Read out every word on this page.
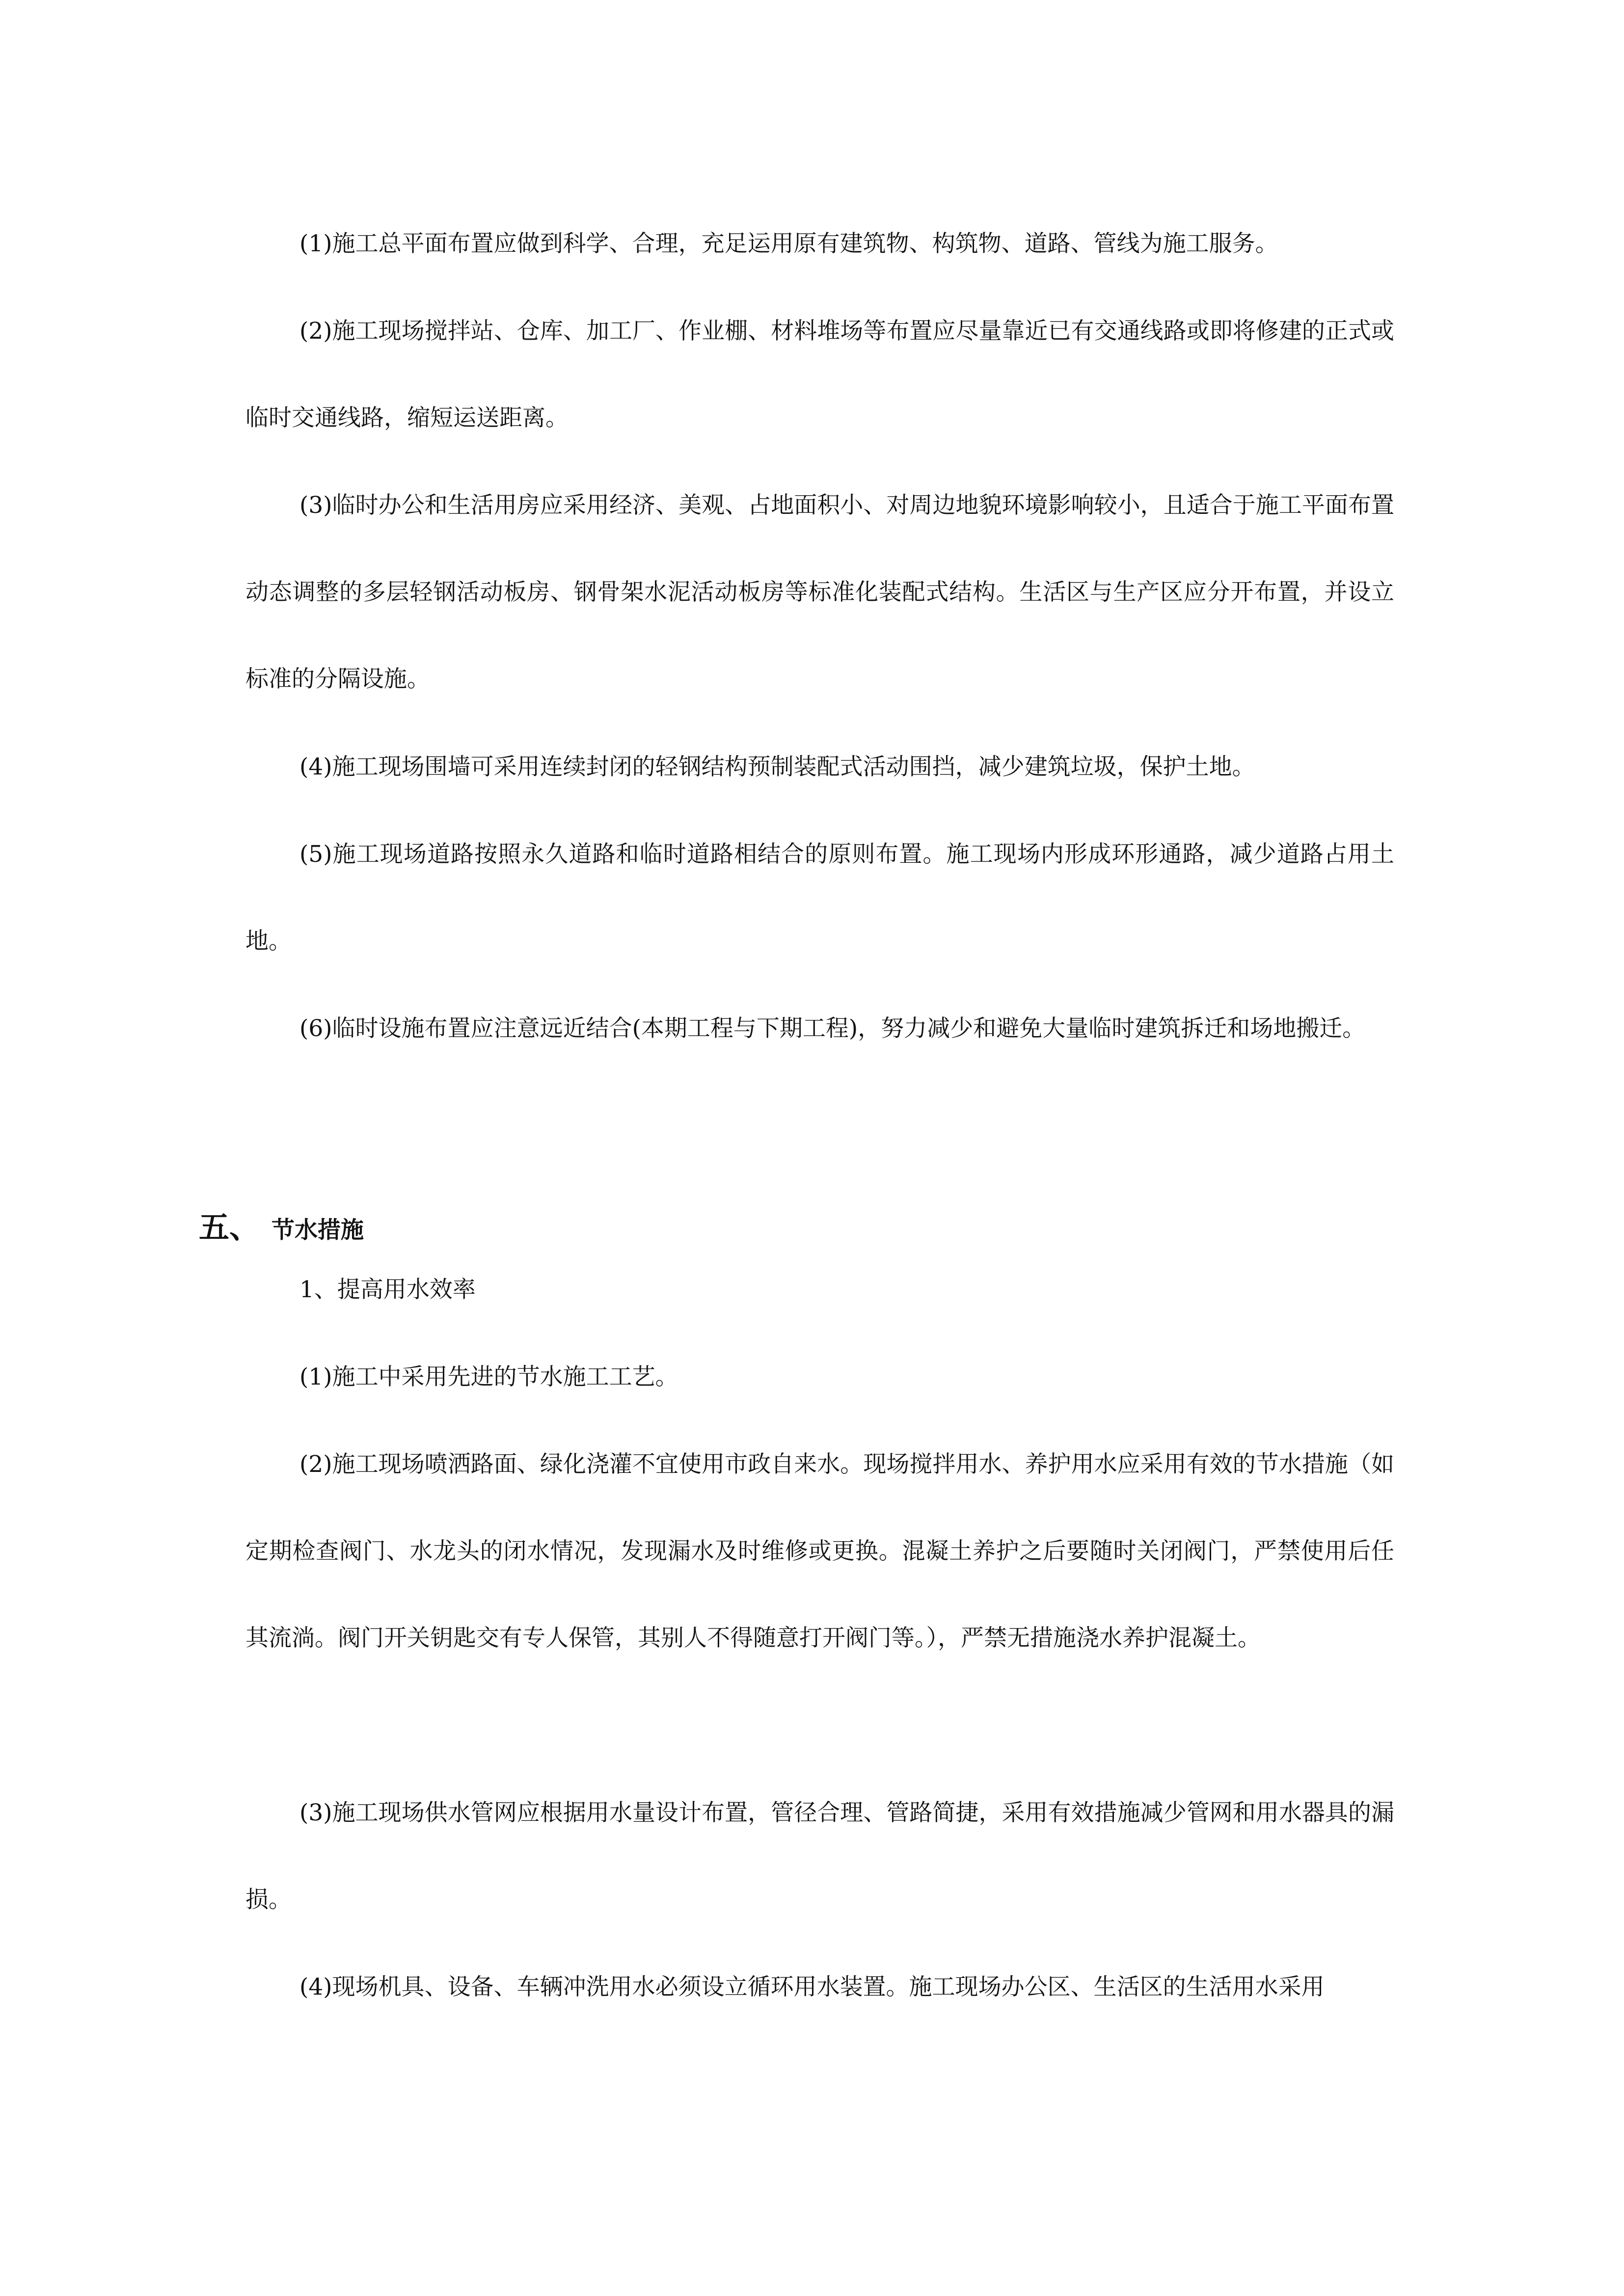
(1)施工总平面布置应做到科学、合理，充足运用原有建筑物、构筑物、道路、管线为施工服务。

(2)施工现场搅拌站、仓库、加工厂、作业棚、材料堆场等布置应尽量靠近已有交通线路或即将修建的正式或临时交通线路，缩短运送距离。

(3)临时办公和生活用房应采用经济、美观、占地面积小、对周边地貌环境影响较小，且适合于施工平面布置动态调整的多层轻钢活动板房、钢骨架水泥活动板房等标准化装配式结构。生活区与生产区应分开布置，并设立标准的分隔设施。

(4)施工现场围墙可采用连续封闭的轻钢结构预制装配式活动围挡，减少建筑垃圾，保护土地。

(5)施工现场道路按照永久道路和临时道路相结合的原则布置。施工现场内形成环形通路，减少道路占用土地。

(6)临时设施布置应注意远近结合(本期工程与下期工程)，努力减少和避免大量临时建筑拆迁和场地搬迁。

五、 节水措施

1、提高用水效率

(1)施工中采用先进的节水施工工艺。

(2)施工现场喷洒路面、绿化浇灌不宜使用市政自来水。现场搅拌用水、养护用水应采用有效的节水措施（如定期检查阀门、水龙头的闭水情况，发现漏水及时维修或更换。混凝土养护之后要随时关闭阀门，严禁使用后任其流淌。阀门开关钥匙交有专人保管，其别人不得随意打开阀门等。），严禁无措施浇水养护混凝土。

(3)施工现场供水管网应根据用水量设计布置，管径合理、管路简捷，采用有效措施减少管网和用水器具的漏损。

(4)现场机具、设备、车辆冲洗用水必须设立循环用水装置。施工现场办公区、生活区的生活用水采用
